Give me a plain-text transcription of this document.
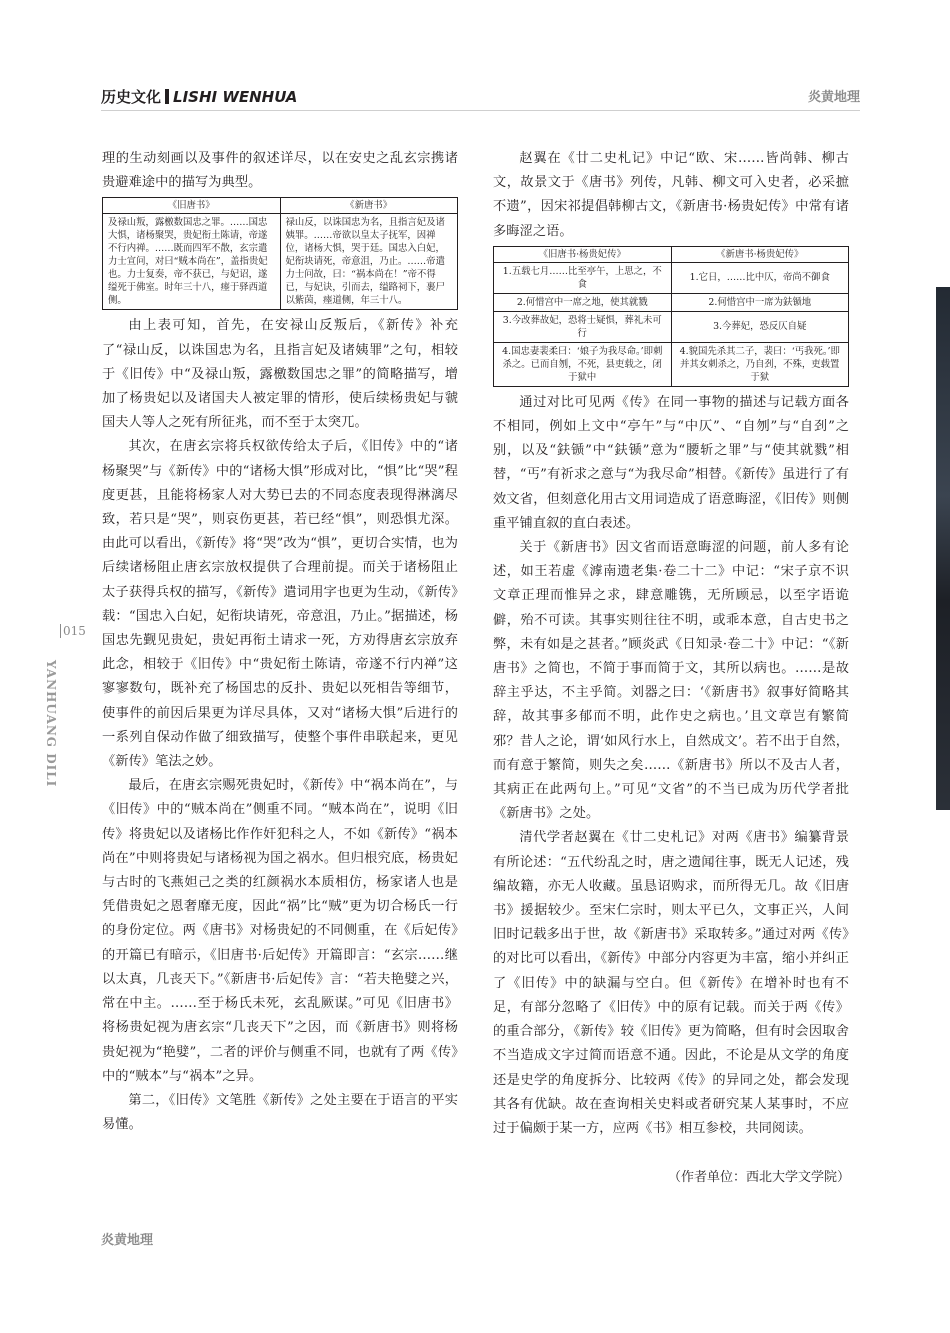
历史文化 LISHI WENHUA	炎黄地理
015
YANHUANG DILI

理的生动刻画以及事件的叙述详尽，以在安史之乱玄宗携诸贵避难途中的描写为典型。

《旧唐书》	《新唐书》
及禄山叛，露檄数国忠之罪。……国忠大惧，诸杨聚哭，贵妃衔土陈请，帝遂不行内禅。……既而四军不散，玄宗遣力士宣问，对曰“贼本尚在”，盖指贵妃也。力士复奏，帝不获已，与妃诏，遂缢死于佛室。时年三十八，瘗于驿西道侧。	禄山反，以诛国忠为名，且指言妃及诸姨罪。……帝欲以皇太子抚军，因禅位，诸杨大惧，哭于廷。国忠入白妃，妃衔块请死，帝意沮，乃止。……帝遣力士问故，曰：“祸本尚在！”帝不得已，与妃诀，引而去，缢路祠下，裹尸以紫茵，瘗道侧，年三十八。

由上表可知，首先，在安禄山反叛后，《新传》补充了“禄山反，以诛国忠为名，且指言妃及诸姨罪”之句，相较于《旧传》中“及禄山叛，露檄数国忠之罪”的简略描写，增加了杨贵妃以及诸国夫人被定罪的情形，使后续杨贵妃与虢国夫人等人之死有所征兆，而不至于太突兀。

其次，在唐玄宗将兵权欲传给太子后，《旧传》中的“诸杨聚哭”与《新传》中的“诸杨大惧”形成对比，“惧”比“哭”程度更甚，且能将杨家人对大势已去的不同态度表现得淋漓尽致，若只是“哭”，则哀伤更甚，若已经“惧”，则恐惧尤深。由此可以看出，《新传》将“哭”改为“惧”，更切合实情，也为后续诸杨阻止唐玄宗放权提供了合理前提。而关于诸杨阻止太子获得兵权的描写，《新传》遣词用字也更为生动，《新传》载：“国忠入白妃，妃衔块请死，帝意沮，乃止。”据描述，杨国忠先觐见贵妃，贵妃再衔土请求一死，方劝得唐玄宗放弃此念，相较于《旧传》中“贵妃衔土陈请，帝遂不行内禅”这寥寥数句，既补充了杨国忠的反扑、贵妃以死相告等细节，使事件的前因后果更为详尽具体，又对“诸杨大惧”后进行的一系列自保动作做了细致描写，使整个事件串联起来，更见《新传》笔法之妙。

最后，在唐玄宗赐死贵妃时，《新传》中“祸本尚在”，与《旧传》中的“贼本尚在”侧重不同。“贼本尚在”，说明《旧传》将贵妃以及诸杨比作作奸犯科之人，不如《新传》“祸本尚在”中则将贵妃与诸杨视为国之祸水。但归根究底，杨贵妃与古时的飞燕妲己之类的红颜祸水本质相仿，杨家诸人也是凭借贵妃之恩奢靡无度，因此“祸”比“贼”更为切合杨氏一行的身份定位。两《唐书》对杨贵妃的不同侧重，在《后妃传》的开篇已有暗示，《旧唐书·后妃传》开篇即言：“玄宗……继以太真，几丧天下。”《新唐书·后妃传》言：“若夫艳嬖之兴，常在中主。……至于杨氏未死，玄乱厥谋。”可见《旧唐书》将杨贵妃视为唐玄宗“几丧天下”之因，而《新唐书》则将杨贵妃视为“艳嬖”，二者的评价与侧重不同，也就有了两《传》中的“贼本”与“祸本”之异。

第二，《旧传》文笔胜《新传》之处主要在于语言的平实易懂。

赵翼在《廿二史札记》中记“欧、宋……皆尚韩、柳古文，故景文于《唐书》列传，凡韩、柳文可入史者，必采摭不遗”，因宋祁提倡韩柳古文，《新唐书·杨贵妃传》中常有诸多晦涩之语。

《旧唐书·杨贵妃传》	《新唐书·杨贵妃传》
1.五载七月……比至亭午，上思之，不食	1.它日，……比中仄，帝尚不御食
2.何惜宫中一席之地，使其就戮	2.何惜宫中一席为鈇锧地
3.今改葬故妃，恐将士疑惧，葬礼未可行	3.今葬妃，恐反仄自疑
4.国忠妻裴柔曰：‘娘子为我尽命。’即刺杀之。已而自刎，不死，县吏载之，闭于狱中	4.貌国先杀其二子，裴曰：‘丐我死。’即并其女刺杀之，乃自刭，不殊，吏载置于狱

通过对比可见两《传》在同一事物的描述与记载方面各不相同，例如上文中“亭午”与“中仄”、“自刎”与“自刭”之别，以及“鈇锧”中“鈇锧”意为“腰斩之罪”与“使其就戮”相替，“丐”有祈求之意与“为我尽命”相替。《新传》虽进行了有效文省，但刻意化用古文用词造成了语意晦涩，《旧传》则侧重平铺直叙的直白表述。

关于《新唐书》因文省而语意晦涩的问题，前人多有论述，如王若虚《滹南遗老集·卷二十二》中记：“宋子京不识文章正理而惟异之求，肆意雕镌，无所顾忌，以至字语诡僻，殆不可读。其事实则往往不明，或乖本意，自古史书之弊，未有如是之甚者。”顾炎武《日知录·卷二十》中记：“《新唐书》之简也，不简于事而简于文，其所以病也。……是故辞主乎达，不主乎简。刘器之曰：‘《新唐书》叙事好简略其辞，故其事多郁而不明，此作史之病也。’且文章岂有繁简邪？昔人之论，谓‘如风行水上，自然成文’。若不出于自然，而有意于繁简，则失之矣……《新唐书》所以不及古人者，其病正在此两句上。”可见“文省”的不当已成为历代学者批《新唐书》之处。

清代学者赵翼在《廿二史札记》对两《唐书》编纂背景有所论述：“五代纷乱之时，唐之遗闻往事，既无人记述，残编故籍，亦无人收藏。虽恳诏购求，而所得无几。故《旧唐书》援据较少。至宋仁宗时，则太平已久，文事正兴，人间旧时记载多出于世，故《新唐书》采取转多。”通过对两《传》的对比可以看出，《新传》中部分内容更为丰富，缩小并纠正了《旧传》中的缺漏与空白。但《新传》在增补时也有不足，有部分忽略了《旧传》中的原有记载。而关于两《传》的重合部分，《新传》较《旧传》更为简略，但有时会因取舍不当造成文字过简而语意不通。因此，不论是从文学的角度还是史学的角度拆分、比较两《传》的异同之处，都会发现其各有优缺。故在查询相关史料或者研究某人某事时，不应过于偏颇于某一方，应两《书》相互参校，共同阅读。

（作者单位：西北大学文学院）
炎黄地理
